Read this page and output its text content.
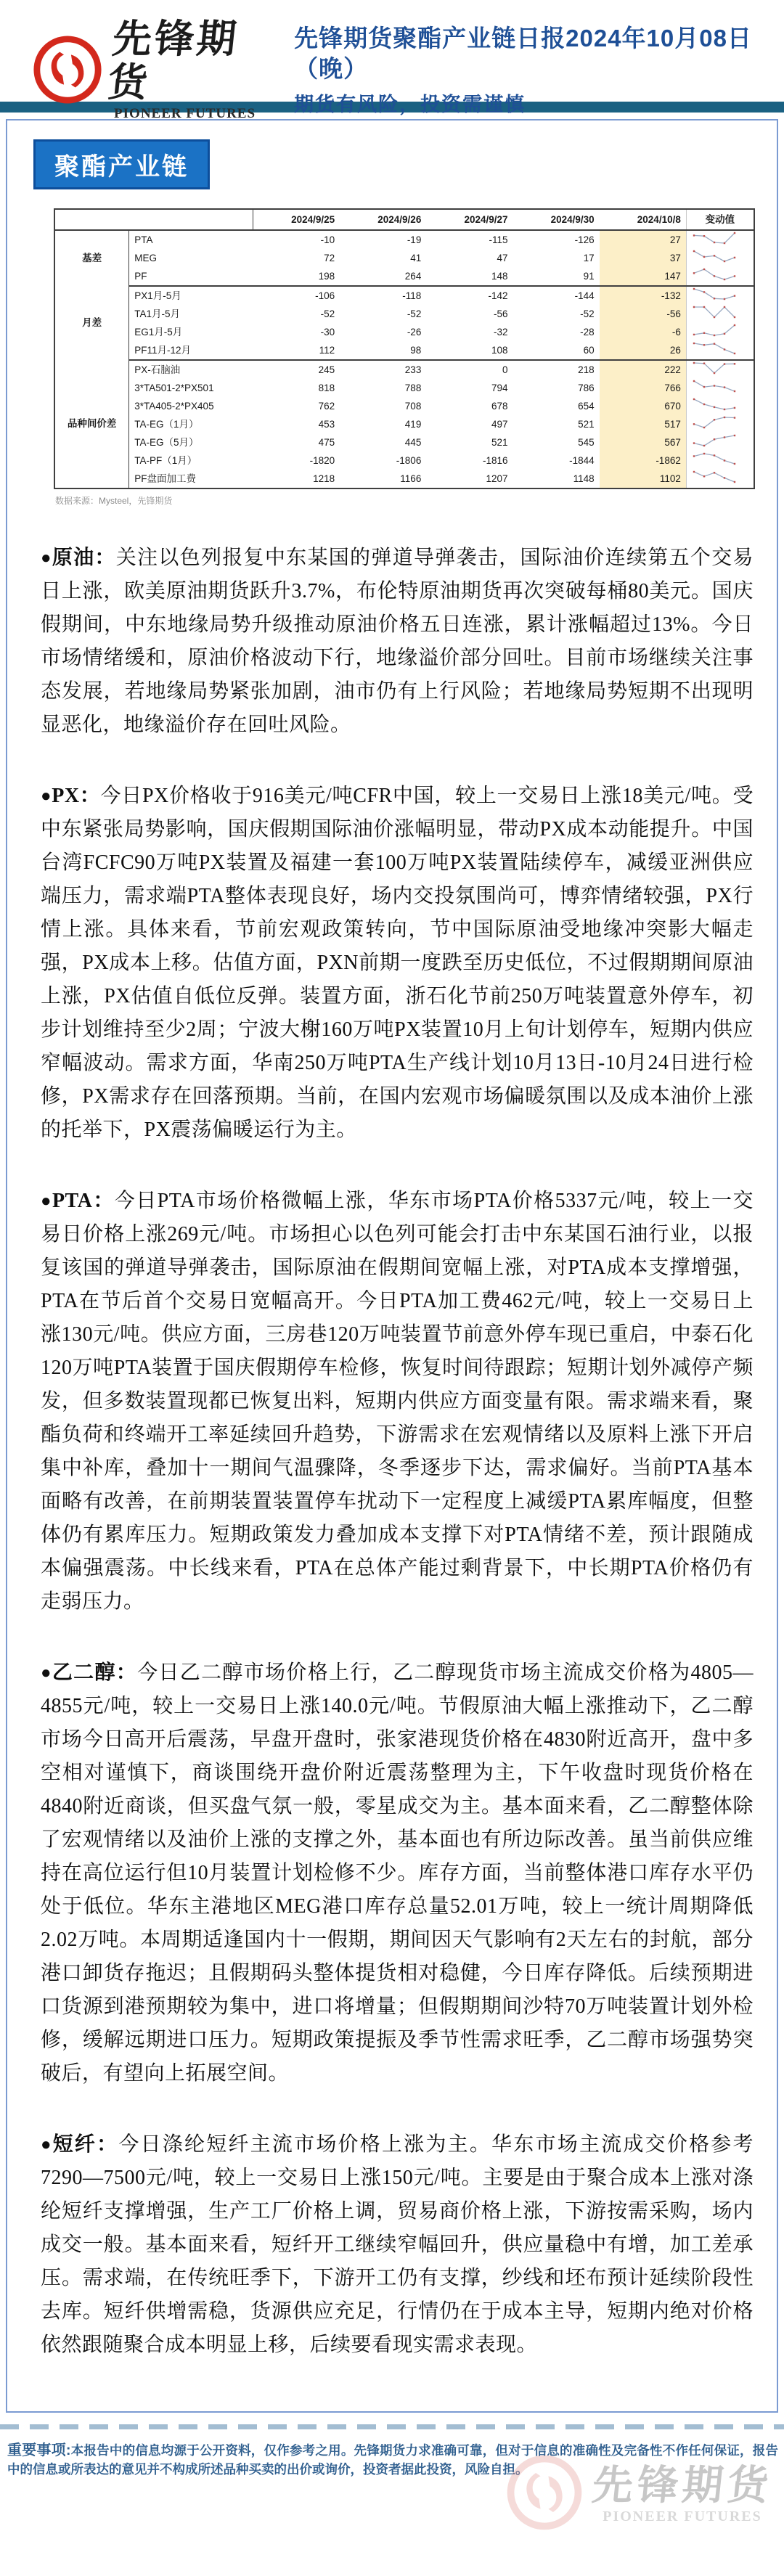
先锋期货
PIONEER FUTURES
先锋期货聚酯产业链日报2024年10月08日（晚）
期货有风险，投资需谨慎
聚酯产业链
		2024/9/25	2024/9/26	2024/9/27	2024/9/30	2024/10/8	变动值
基差	PTA	-10	-19	-115	-126	27	
	MEG	72	41	47	17	37	
	PF	198	264	148	91	147	
月差	PX1月-5月	-106	-118	-142	-144	-132	
	TA1月-5月	-52	-52	-56	-52	-56	
	EG1月-5月	-30	-26	-32	-28	-6	
	PF11月-12月	112	98	108	60	26	
品种间价差	PX-石脑油	245	233	0	218	222	
	3*TA501-2*PX501	818	788	794	786	766	
	3*TA405-2*PX405	762	708	678	654	670	
	TA-EG（1月）	453	419	497	521	517	
	TA-EG（5月）	475	445	521	545	567	
	TA-PF（1月）	-1820	-1806	-1816	-1844	-1862	
	PF盘面加工费	1218	1166	1207	1148	1102	
数据来源：Mysteel，先锋期货

●原油：关注以色列报复中东某国的弹道导弹袭击，国际油价连续第五个交易日上涨，欧美原油期货跃升3.7%，布伦特原油期货再次突破每桶80美元。国庆假期间，中东地缘局势升级推动原油价格五日连涨，累计涨幅超过13%。今日市场情绪缓和，原油价格波动下行，地缘溢价部分回吐。目前市场继续关注事态发展，若地缘局势紧张加剧，油市仍有上行风险；若地缘局势短期不出现明显恶化，地缘溢价存在回吐风险。

●PX：今日PX价格收于916美元/吨CFR中国，较上一交易日上涨18美元/吨。受中东紧张局势影响，国庆假期国际油价涨幅明显，带动PX成本动能提升。中国台湾FCFC90万吨PX装置及福建一套100万吨PX装置陆续停车，减缓亚洲供应端压力，需求端PTA整体表现良好，场内交投氛围尚可，博弈情绪较强，PX行情上涨。具体来看，节前宏观政策转向，节中国际原油受地缘冲突影大幅走强，PX成本上移。估值方面，PXN前期一度跌至历史低位，不过假期期间原油上涨，PX估值自低位反弹。装置方面，浙石化节前250万吨装置意外停车，初步计划维持至少2周；宁波大榭160万吨PX装置10月上旬计划停车，短期内供应窄幅波动。需求方面，华南250万吨PTA生产线计划10月13日-10月24日进行检修，PX需求存在回落预期。当前，在国内宏观市场偏暖氛围以及成本油价上涨的托举下，PX震荡偏暖运行为主。

●PTA：今日PTA市场价格微幅上涨，华东市场PTA价格5337元/吨，较上一交易日价格上涨269元/吨。市场担心以色列可能会打击中东某国石油行业，以报复该国的弹道导弹袭击，国际原油在假期间宽幅上涨，对PTA成本支撑增强，PTA在节后首个交易日宽幅高开。今日PTA加工费462元/吨，较上一交易日上涨130元/吨。供应方面，三房巷120万吨装置节前意外停车现已重启，中泰石化120万吨PTA装置于国庆假期停车检修，恢复时间待跟踪；短期计划外减停产频发，但多数装置现都已恢复出料，短期内供应方面变量有限。需求端来看，聚酯负荷和终端开工率延续回升趋势，下游需求在宏观情绪以及原料上涨下开启集中补库，叠加十一期间气温骤降，冬季逐步下达，需求偏好。当前PTA基本面略有改善，在前期装置装置停车扰动下一定程度上减缓PTA累库幅度，但整体仍有累库压力。短期政策发力叠加成本支撑下对PTA情绪不差，预计跟随成本偏强震荡。中长线来看，PTA在总体产能过剩背景下，中长期PTA价格仍有走弱压力。

●乙二醇：今日乙二醇市场价格上行，乙二醇现货市场主流成交价格为4805—4855元/吨，较上一交易日上涨140.0元/吨。节假原油大幅上涨推动下，乙二醇市场今日高开后震荡，早盘开盘时，张家港现货价格在4830附近高开，盘中多空相对谨慎下，商谈围绕开盘价附近震荡整理为主，下午收盘时现货价格在4840附近商谈，但买盘气氛一般，零星成交为主。基本面来看，乙二醇整体除了宏观情绪以及油价上涨的支撑之外，基本面也有所边际改善。虽当前供应维持在高位运行但10月装置计划检修不少。库存方面，当前整体港口库存水平仍处于低位。华东主港地区MEG港口库存总量52.01万吨，较上一统计周期降低2.02万吨。本周期适逢国内十一假期，期间因天气影响有2天左右的封航，部分港口卸货存拖迟；且假期码头整体提货相对稳健，今日库存降低。后续预期进口货源到港预期较为集中，进口将增量；但假期期间沙特70万吨装置计划外检修，缓解远期进口压力。短期政策提振及季节性需求旺季，乙二醇市场强势突破后，有望向上拓展空间。

●短纤：今日涤纶短纤主流市场价格上涨为主。华东市场主流成交价格参考7290—7500元/吨，较上一交易日上涨150元/吨。主要是由于聚合成本上涨对涤纶短纤支撑增强，生产工厂价格上调，贸易商价格上涨，下游按需采购，场内成交一般。基本面来看，短纤开工继续窄幅回升，供应量稳中有增，加工差承压。需求端，在传统旺季下，下游开工仍有支撑，纱线和坯布预计延续阶段性去库。短纤供增需稳，货源供应充足，行情仍在于成本主导，短期内绝对价格依然跟随聚合成本明显上移，后续要看现实需求表现。

重要事项:本报告中的信息均源于公开资料，仅作参考之用。先锋期货力求准确可靠，但对于信息的准确性及完备性不作任何保证，报告中的信息或所表达的意见并不构成所述品种买卖的出价或询价，投资者据此投资，风险自担。	先锋期货
PIONEER FUTURES
